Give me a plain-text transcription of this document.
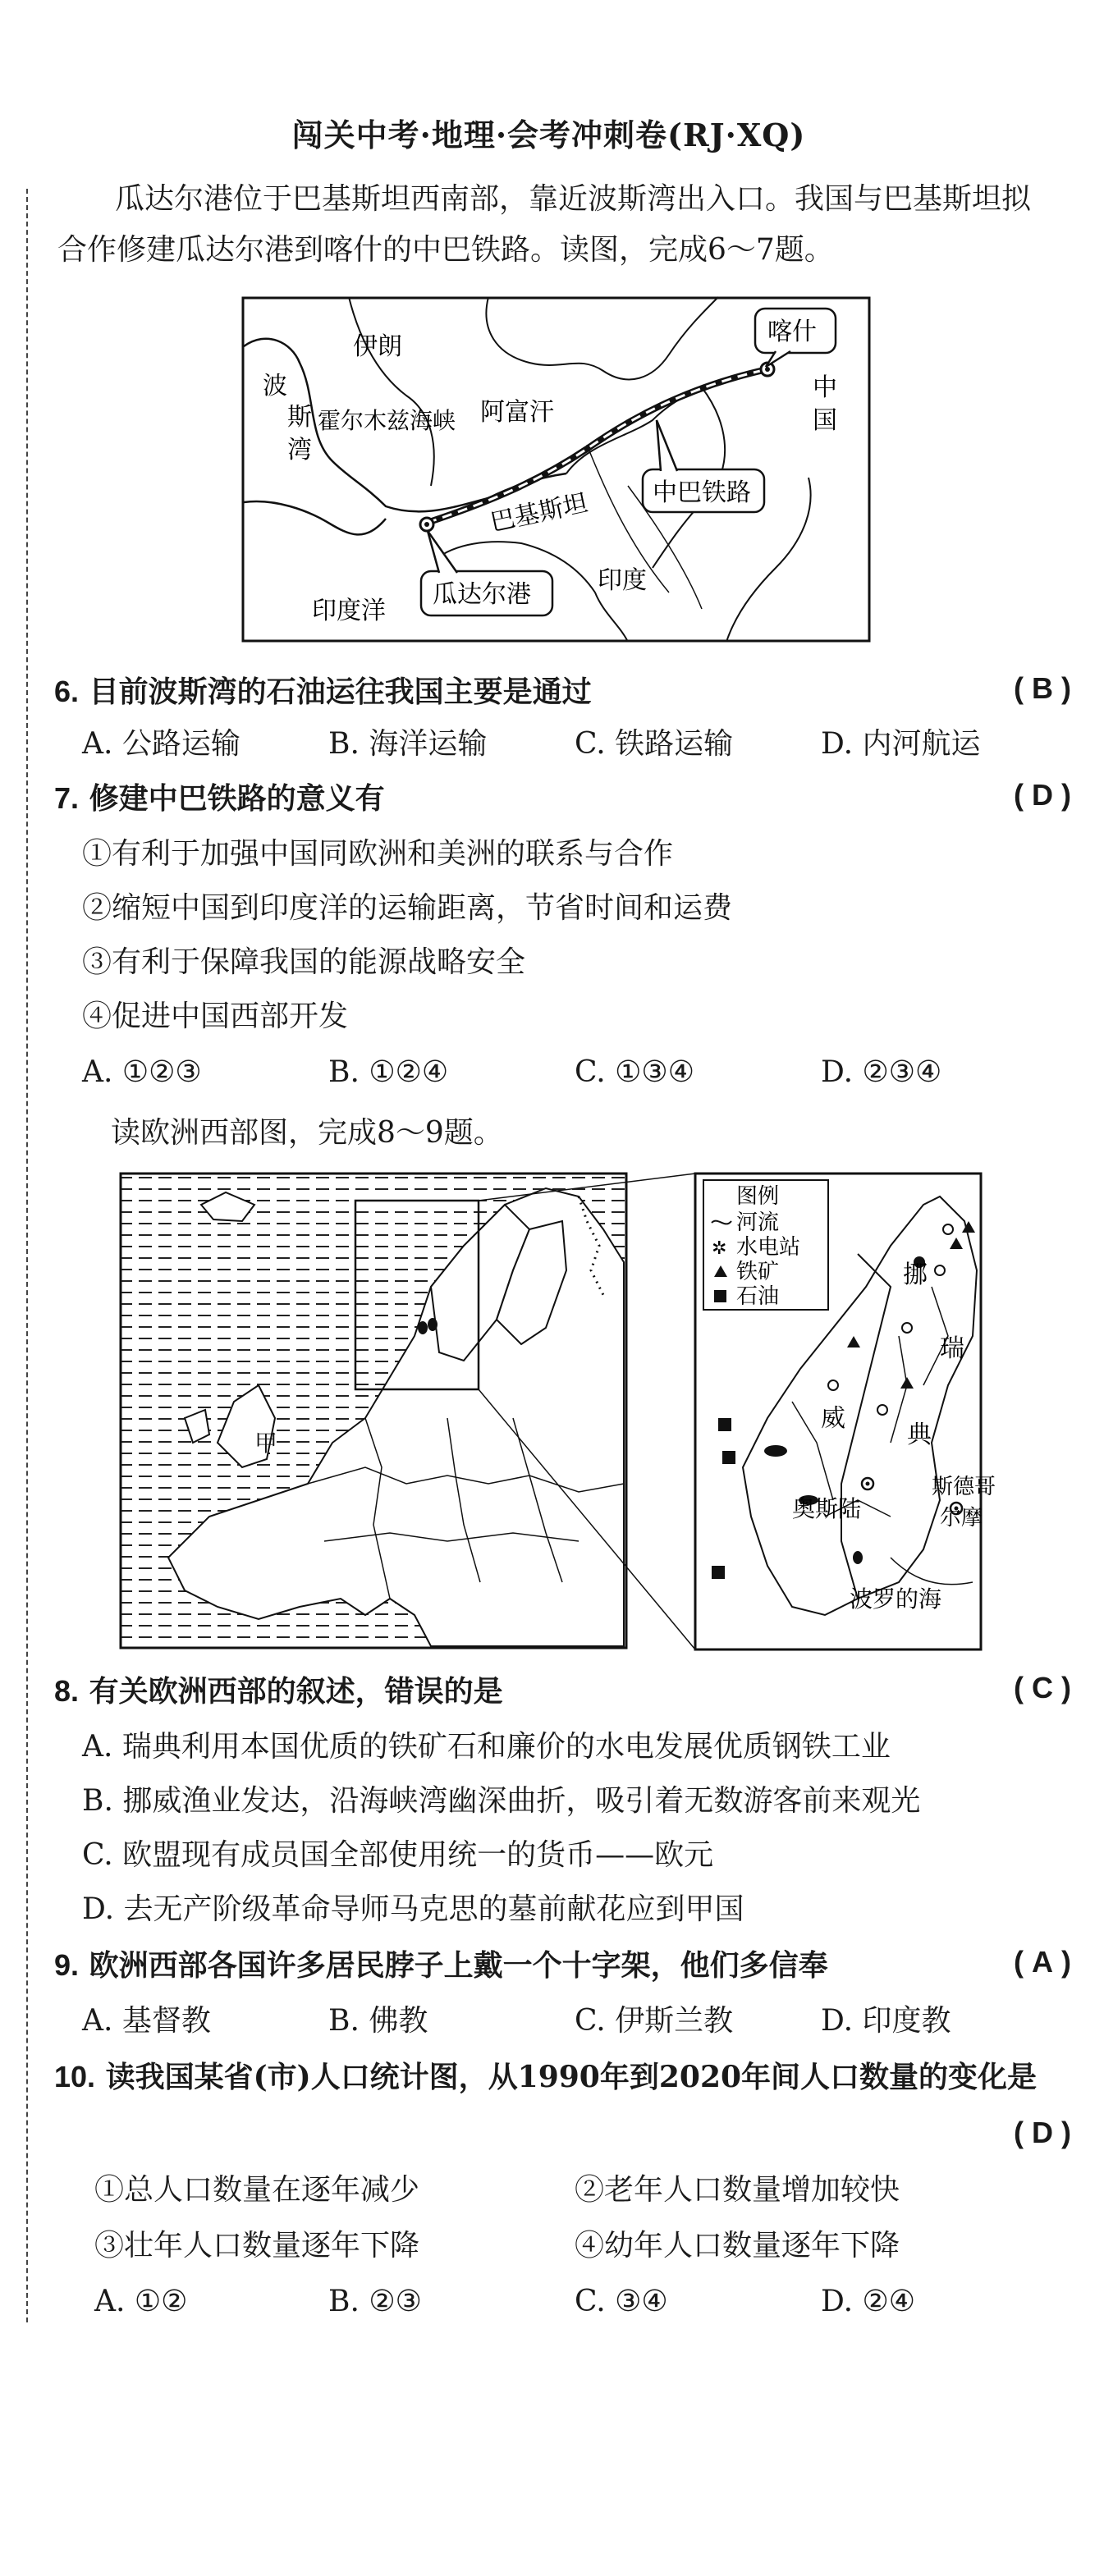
闯关中考·地理·会考冲刺卷(RJ·XQ)
瓜达尔港位于巴基斯坦西南部，靠近波斯湾出入口。我国与巴基斯坦拟合作修建瓜达尔港到喀什的中巴铁路。读图，完成6～7题。
伊朗
波
斯
湾
霍尔木兹海峡 阿富汗
喀什
中
国
中巴铁路
巴基斯坦
印度
印度洋
瓜达尔港
6. 目前波斯湾的石油运往我国主要是通过	(B)
A. 公路运输	B. 海洋运输	C. 铁路运输	D. 内河航运
7. 修建中巴铁路的意义有	(D)
①有利于加强中国同欧洲和美洲的联系与合作
②缩短中国到印度洋的运输距离，节省时间和运费
③有利于保障我国的能源战略安全
④促进中国西部开发
A. ①②③	B. ①②④	C. ①③④	D. ②③④
读欧洲西部图，完成8～9题。
甲
挪
威
瑞
典
奥斯陆
斯德哥
尔摩
波罗的海
图例
河流
✲ 水电站
铁矿
石油
8. 有关欧洲西部的叙述，错误的是	(C)
A. 瑞典利用本国优质的铁矿石和廉价的水电发展优质钢铁工业
B. 挪威渔业发达，沿海峡湾幽深曲折，吸引着无数游客前来观光
C. 欧盟现有成员国全部使用统一的货币——欧元
D. 去无产阶级革命导师马克思的墓前献花应到甲国
9. 欧洲西部各国许多居民脖子上戴一个十字架，他们多信奉	(A)
A. 基督教	B. 佛教	C. 伊斯兰教	D. 印度教
10. 读我国某省(市)人口统计图，从1990年到2020年间人口数量的变化是
(D)
①总人口数量在逐年减少	②老年人口数量增加较快
③壮年人口数量逐年下降	④幼年人口数量逐年下降
A. ①②	B. ②③	C. ③④	D. ②④
